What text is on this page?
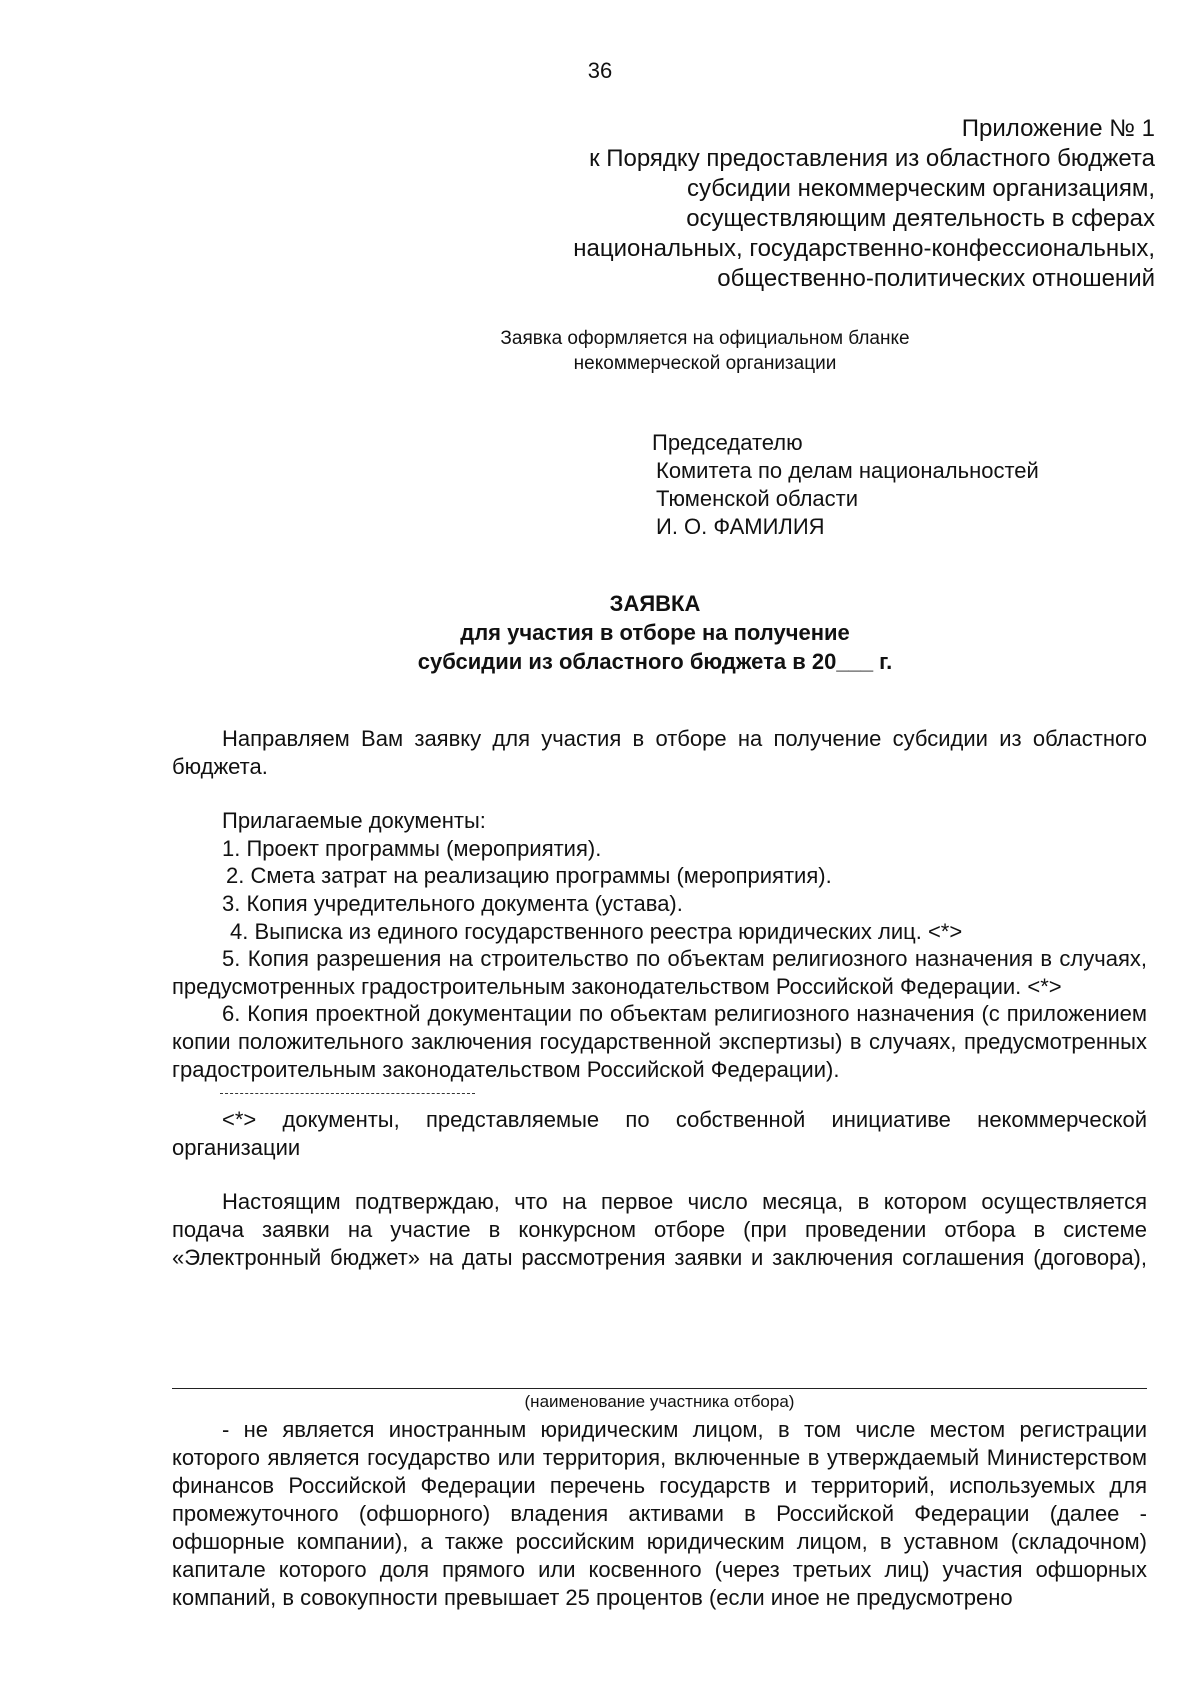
36
Приложение № 1
к Порядку предоставления из областного бюджета
субсидии некоммерческим организациям,
осуществляющим деятельность в сферах
национальных, государственно-конфессиональных,
общественно-политических отношений
Заявка оформляется на официальном бланке
некоммерческой организации
Председателю
Комитета по делам национальностей
Тюменской области
И. О. ФАМИЛИЯ
ЗАЯВКА
для участия в отборе на получение
субсидии из областного бюджета в 20___ г.

Направляем Вам заявку для участия в отборе на получение субсидии из областного бюджета.

Прилагаемые документы:
1. Проект программы (мероприятия).
2. Смета затрат на реализацию программы (мероприятия).
3. Копия учредительного документа (устава).
4. Выписка из единого государственного реестра юридических лиц. <*>

5. Копия разрешения на строительство по объектам религиозного назначения в случаях, предусмотренных градостроительным законодательством Российской Федерации. <*>

6. Копия проектной документации по объектам религиозного назначения (с приложением копии положительного заключения государственной экспертизы) в случаях, предусмотренных градостроительным законодательством Российской Федерации).

<*> документы, представляемые по собственной инициативе некоммерческой организации

Настоящим подтверждаю, что на первое число месяца, в котором осуществляется подача заявки на участие в конкурсном отборе (при проведении отбора в системе «Электронный бюджет» на даты рассмотрения заявки и заключения соглашения (договора),

(наименование участника отбора)

- не является иностранным юридическим лицом, в том числе местом регистрации которого является государство или территория, включенные в утверждаемый Министерством финансов Российской Федерации перечень государств и территорий, используемых для промежуточного (офшорного) владения активами в Российской Федерации (далее - офшорные компании), а также российским юридическим лицом, в уставном (складочном) капитале которого доля прямого или косвенного (через третьих лиц) участия офшорных компаний, в совокупности превышает 25 процентов (если иное не предусмотрено
